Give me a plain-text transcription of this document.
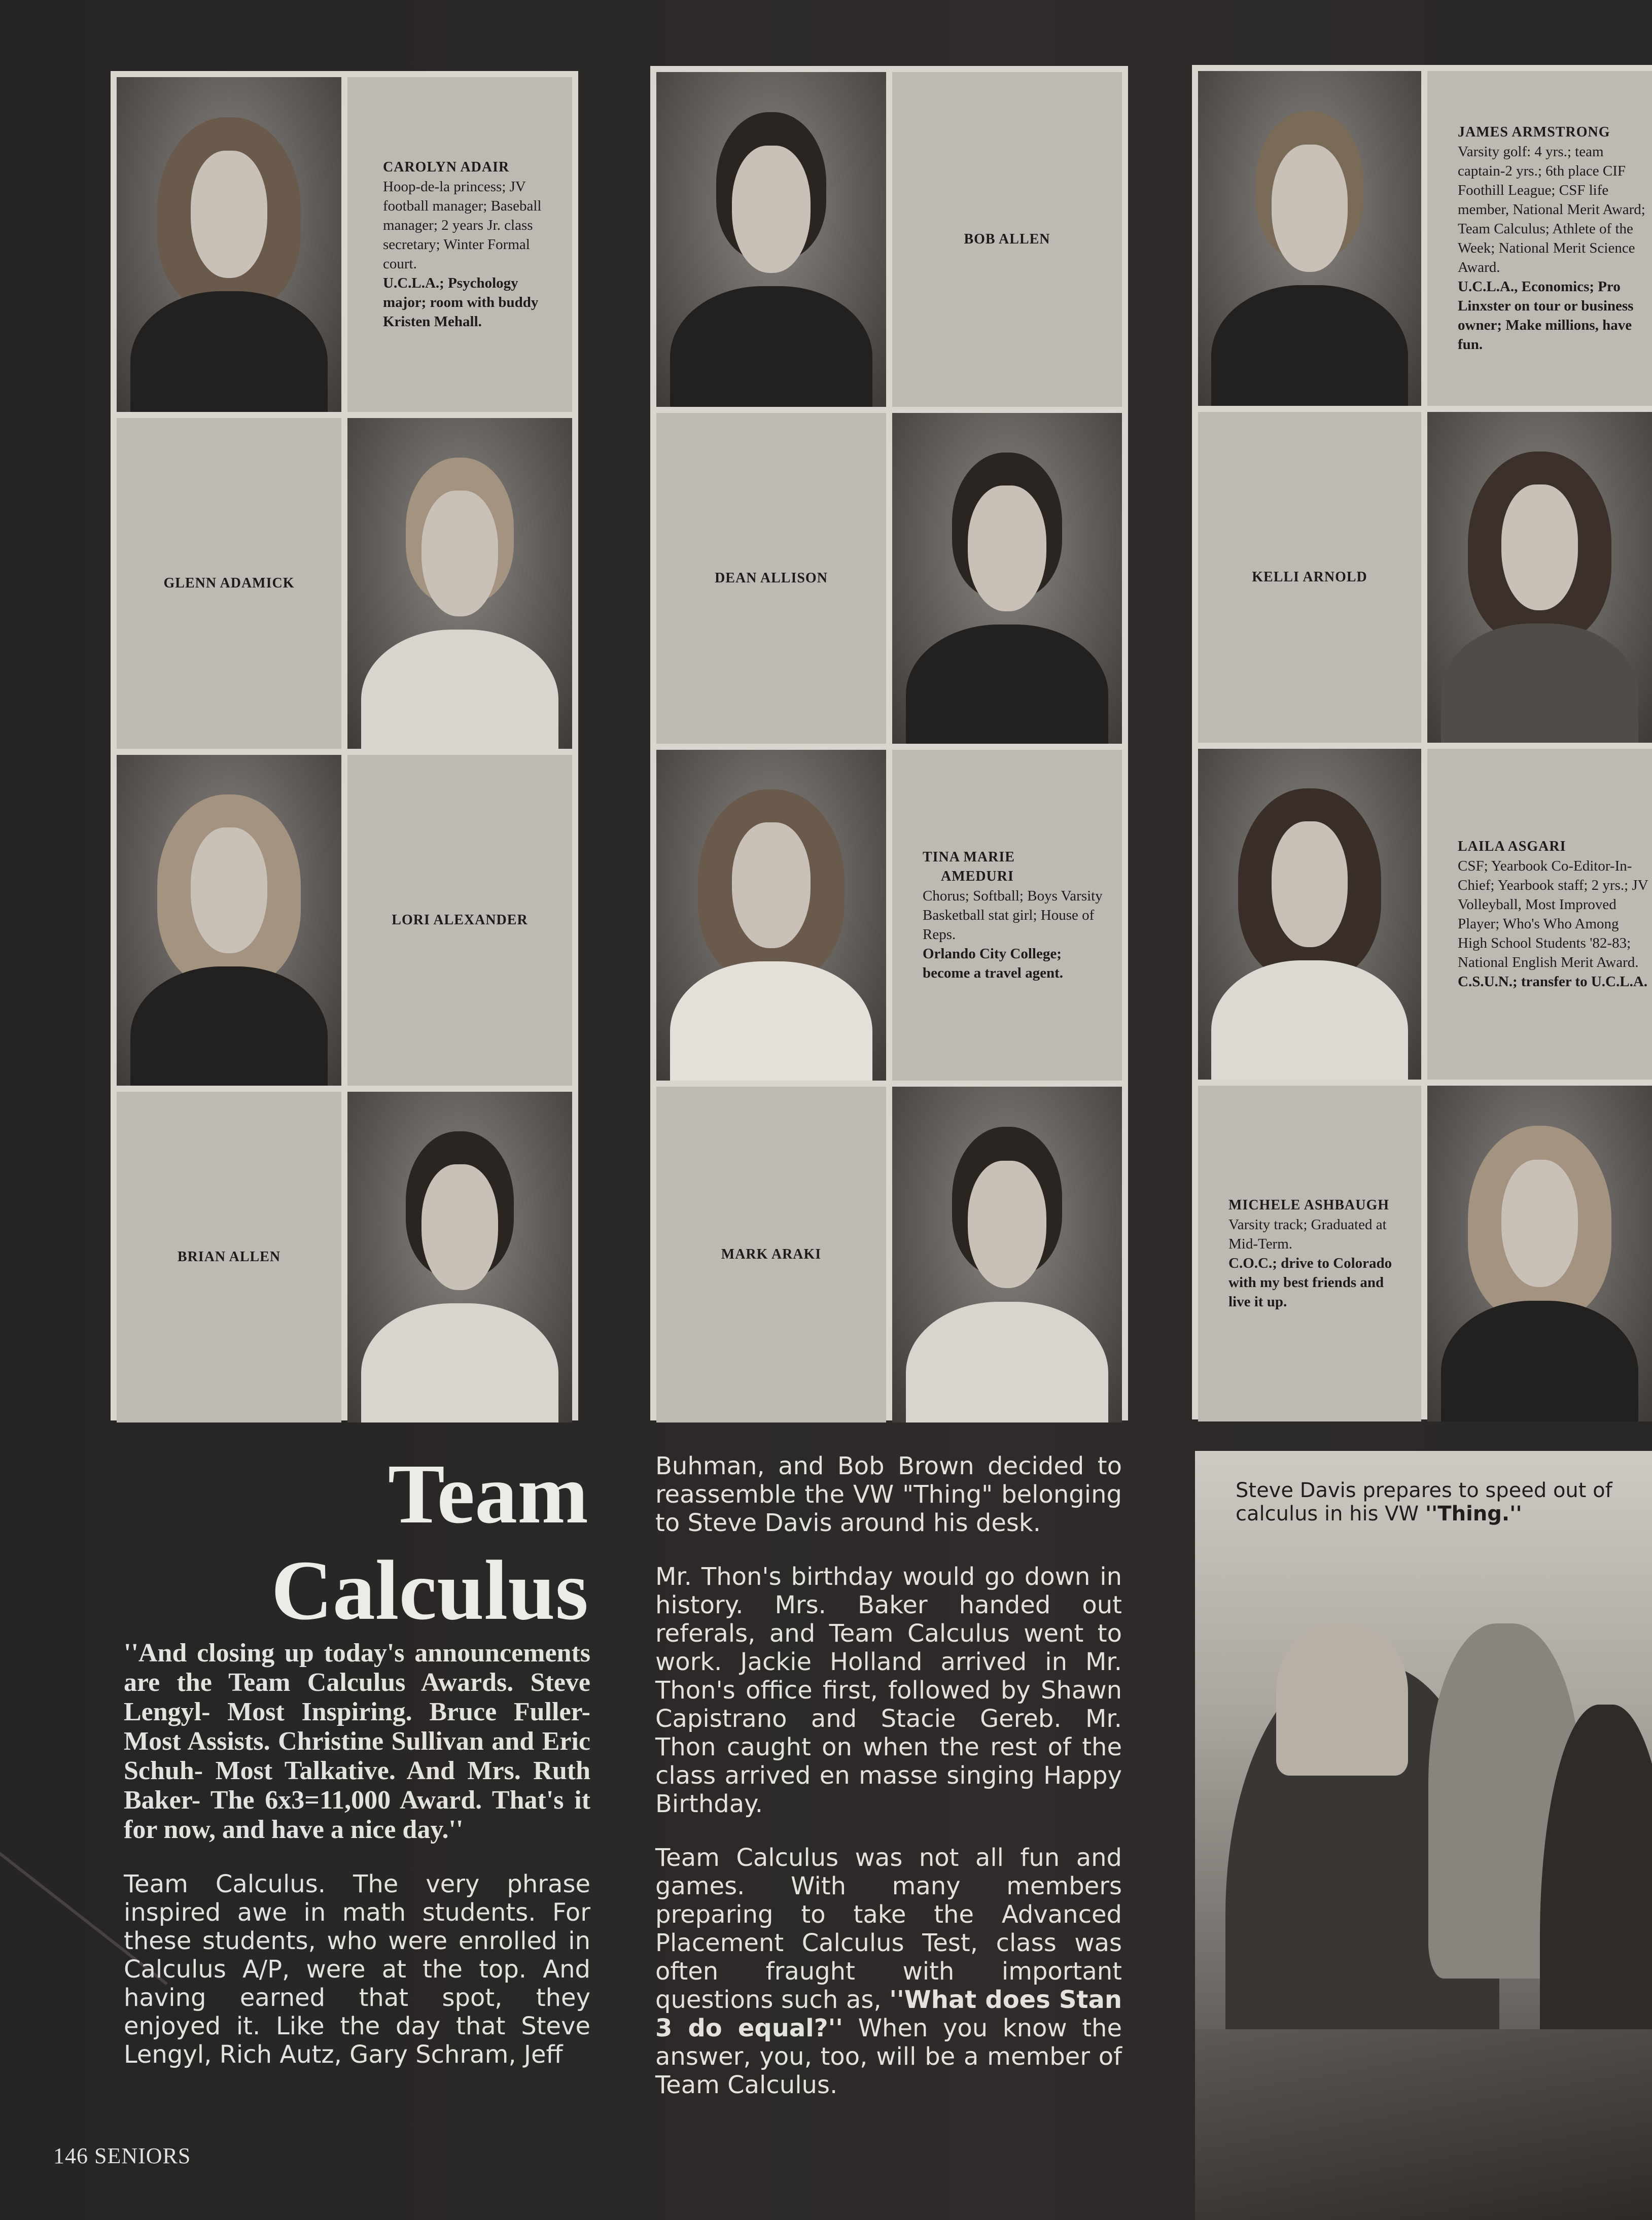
CAROLYN ADAIR
Hoop-de-la princess; JV football manager; Baseball manager; 2 years Jr. class secretary; Winter Formal court.
U.C.L.A.; Psychology major; room with buddy Kristen Mehall.
GLENN ADAMICK
LORI ALEXANDER
BRIAN ALLEN
BOB ALLEN
DEAN ALLISON
TINA MARIE
AMEDURI
Chorus; Softball; Boys Varsity Basketball stat girl; House of Reps.
Orlando City College; become a travel agent.
MARK ARAKI
JAMES ARMSTRONG
Varsity golf: 4 yrs.; team captain-2 yrs.; 6th place CIF Foothill League; CSF life member, National Merit Award; Team Calculus; Athlete of the Week; National Merit Science Award.
U.C.L.A., Economics; Pro Linxster on tour or business owner; Make millions, have fun.
KELLI ARNOLD
LAILA ASGARI
CSF; Yearbook Co-Editor-In-Chief; Yearbook staff; 2 yrs.; JV Volleyball, Most Improved Player; Who's Who Among High School Students '82-83; National English Merit Award.
C.S.U.N.; transfer to U.C.L.A.
MICHELE ASHBAUGH
Varsity track; Graduated at Mid-Term.
C.O.C.; drive to Colorado with my best friends and live it up.
Team
Calculus

''And closing up today's announcements are the Team Calculus Awards. Steve Lengyl- Most Inspiring. Bruce Fuller- Most Assists. Christine Sullivan and Eric Schuh- Most Talkative. And Mrs. Ruth Baker- The 6x3=11,000 Award. That's it for now, and have a nice day.''

Team Calculus. The very phrase inspired awe in math students. For these students, who were enrolled in Calculus A/P, were at the top. And having earned that spot, they enjoyed it. Like the day that Steve Lengyl, Rich Autz, Gary Schram, Jeff

Buhman, and Bob Brown decided to reassemble the VW "Thing" belonging to Steve Davis around his desk.

Mr. Thon's birthday would go down in history. Mrs. Baker handed out referals, and Team Calculus went to work. Jackie Holland arrived in Mr. Thon's office first, followed by Shawn Capistrano and Stacie Gereb. Mr. Thon caught on when the rest of the class arrived en masse singing Happy Birthday.

Team Calculus was not all fun and games. With many members preparing to take the Advanced Placement Calculus Test, class was often fraught with important questions such as, ''What does Stan 3 do equal?'' When you know the answer, you, too, will be a member of Team Calculus.

Steve Davis prepares to speed out of calculus in his VW ''Thing.''
146 SENIORS
